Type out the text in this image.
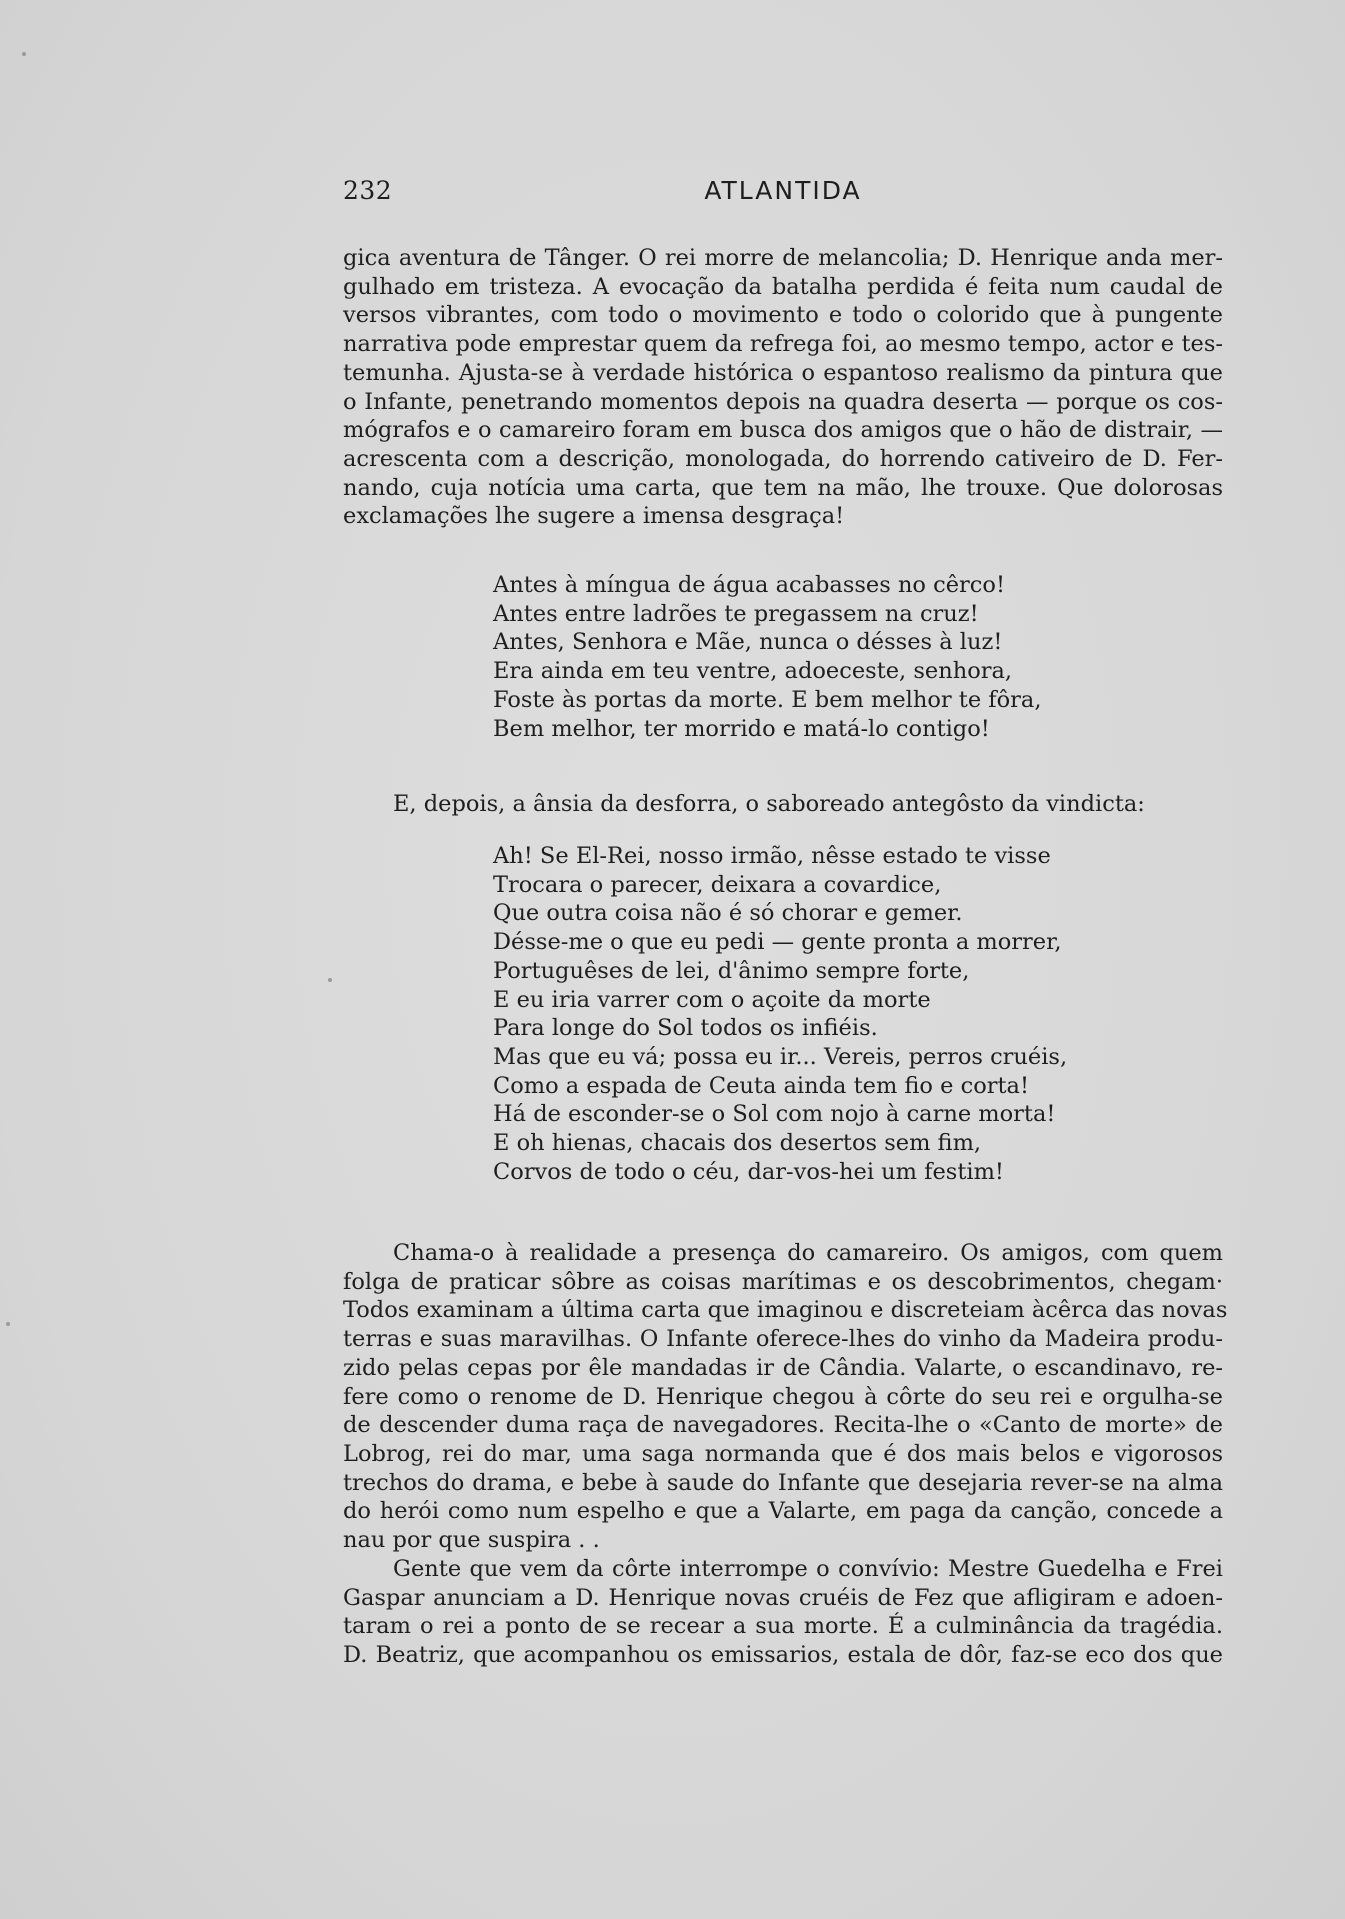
232	ATLANTIDA
gica aventura de Tânger. O rei morre de melancolia; D. Henrique anda mer-
gulhado em tristeza. A evocação da batalha perdida é feita num caudal de
versos vibrantes, com todo o movimento e todo o colorido que à pungente
narrativa pode emprestar quem da refrega foi, ao mesmo tempo, actor e tes-
temunha. Ajusta-se à verdade histórica o espantoso realismo da pintura que
o Infante, penetrando momentos depois na quadra deserta — porque os cos-
mógrafos e o camareiro foram em busca dos amigos que o hão de distrair, —
acrescenta com a descrição, monologada, do horrendo cativeiro de D. Fer-
nando, cuja notícia uma carta, que tem na mão, lhe trouxe. Que dolorosas
exclamações lhe sugere a imensa desgraça!
Antes à míngua de água acabasses no cêrco!
Antes entre ladrões te pregassem na cruz!
Antes, Senhora e Mãe, nunca o désses à luz!
Era ainda em teu ventre, adoeceste, senhora,
Foste às portas da morte. E bem melhor te fôra,
Bem melhor, ter morrido e matá-lo contigo!
E, depois, a ânsia da desforra, o saboreado antegôsto da vindicta:
Ah! Se El-Rei, nosso irmão, nêsse estado te visse
Trocara o parecer, deixara a covardice,
Que outra coisa não é só chorar e gemer.
Désse-me o que eu pedi — gente pronta a morrer,
Portuguêses de lei, d'ânimo sempre forte,
E eu iria varrer com o açoite da morte
Para longe do Sol todos os infiéis.
Mas que eu vá; possa eu ir... Vereis, perros cruéis,
Como a espada de Ceuta ainda tem fio e corta!
Há de esconder-se o Sol com nojo à carne morta!
E oh hienas, chacais dos desertos sem fim,
Corvos de todo o céu, dar-vos-hei um festim!
Chama-o à realidade a presença do camareiro. Os amigos, com quem
folga de praticar sôbre as coisas marítimas e os descobrimentos, chegam·
Todos examinam a última carta que imaginou e discreteiam àcêrca das novas
terras e suas maravilhas. O Infante oferece-lhes do vinho da Madeira produ-
zido pelas cepas por êle mandadas ir de Cândia. Valarte, o escandinavo, re-
fere como o renome de D. Henrique chegou à côrte do seu rei e orgulha-se
de descender duma raça de navegadores. Recita-lhe o «Canto de morte» de
Lobrog, rei do mar, uma saga normanda que é dos mais belos e vigorosos
trechos do drama, e bebe à saude do Infante que desejaria rever-se na alma
do herói como num espelho e que a Valarte, em paga da canção, concede a
nau por que suspira . .
Gente que vem da côrte interrompe o convívio: Mestre Guedelha e Frei
Gaspar anunciam a D. Henrique novas cruéis de Fez que afligiram e adoen-
taram o rei a ponto de se recear a sua morte. É a culminância da tragédia.
D. Beatriz, que acompanhou os emissarios, estala de dôr, faz-se eco dos que
